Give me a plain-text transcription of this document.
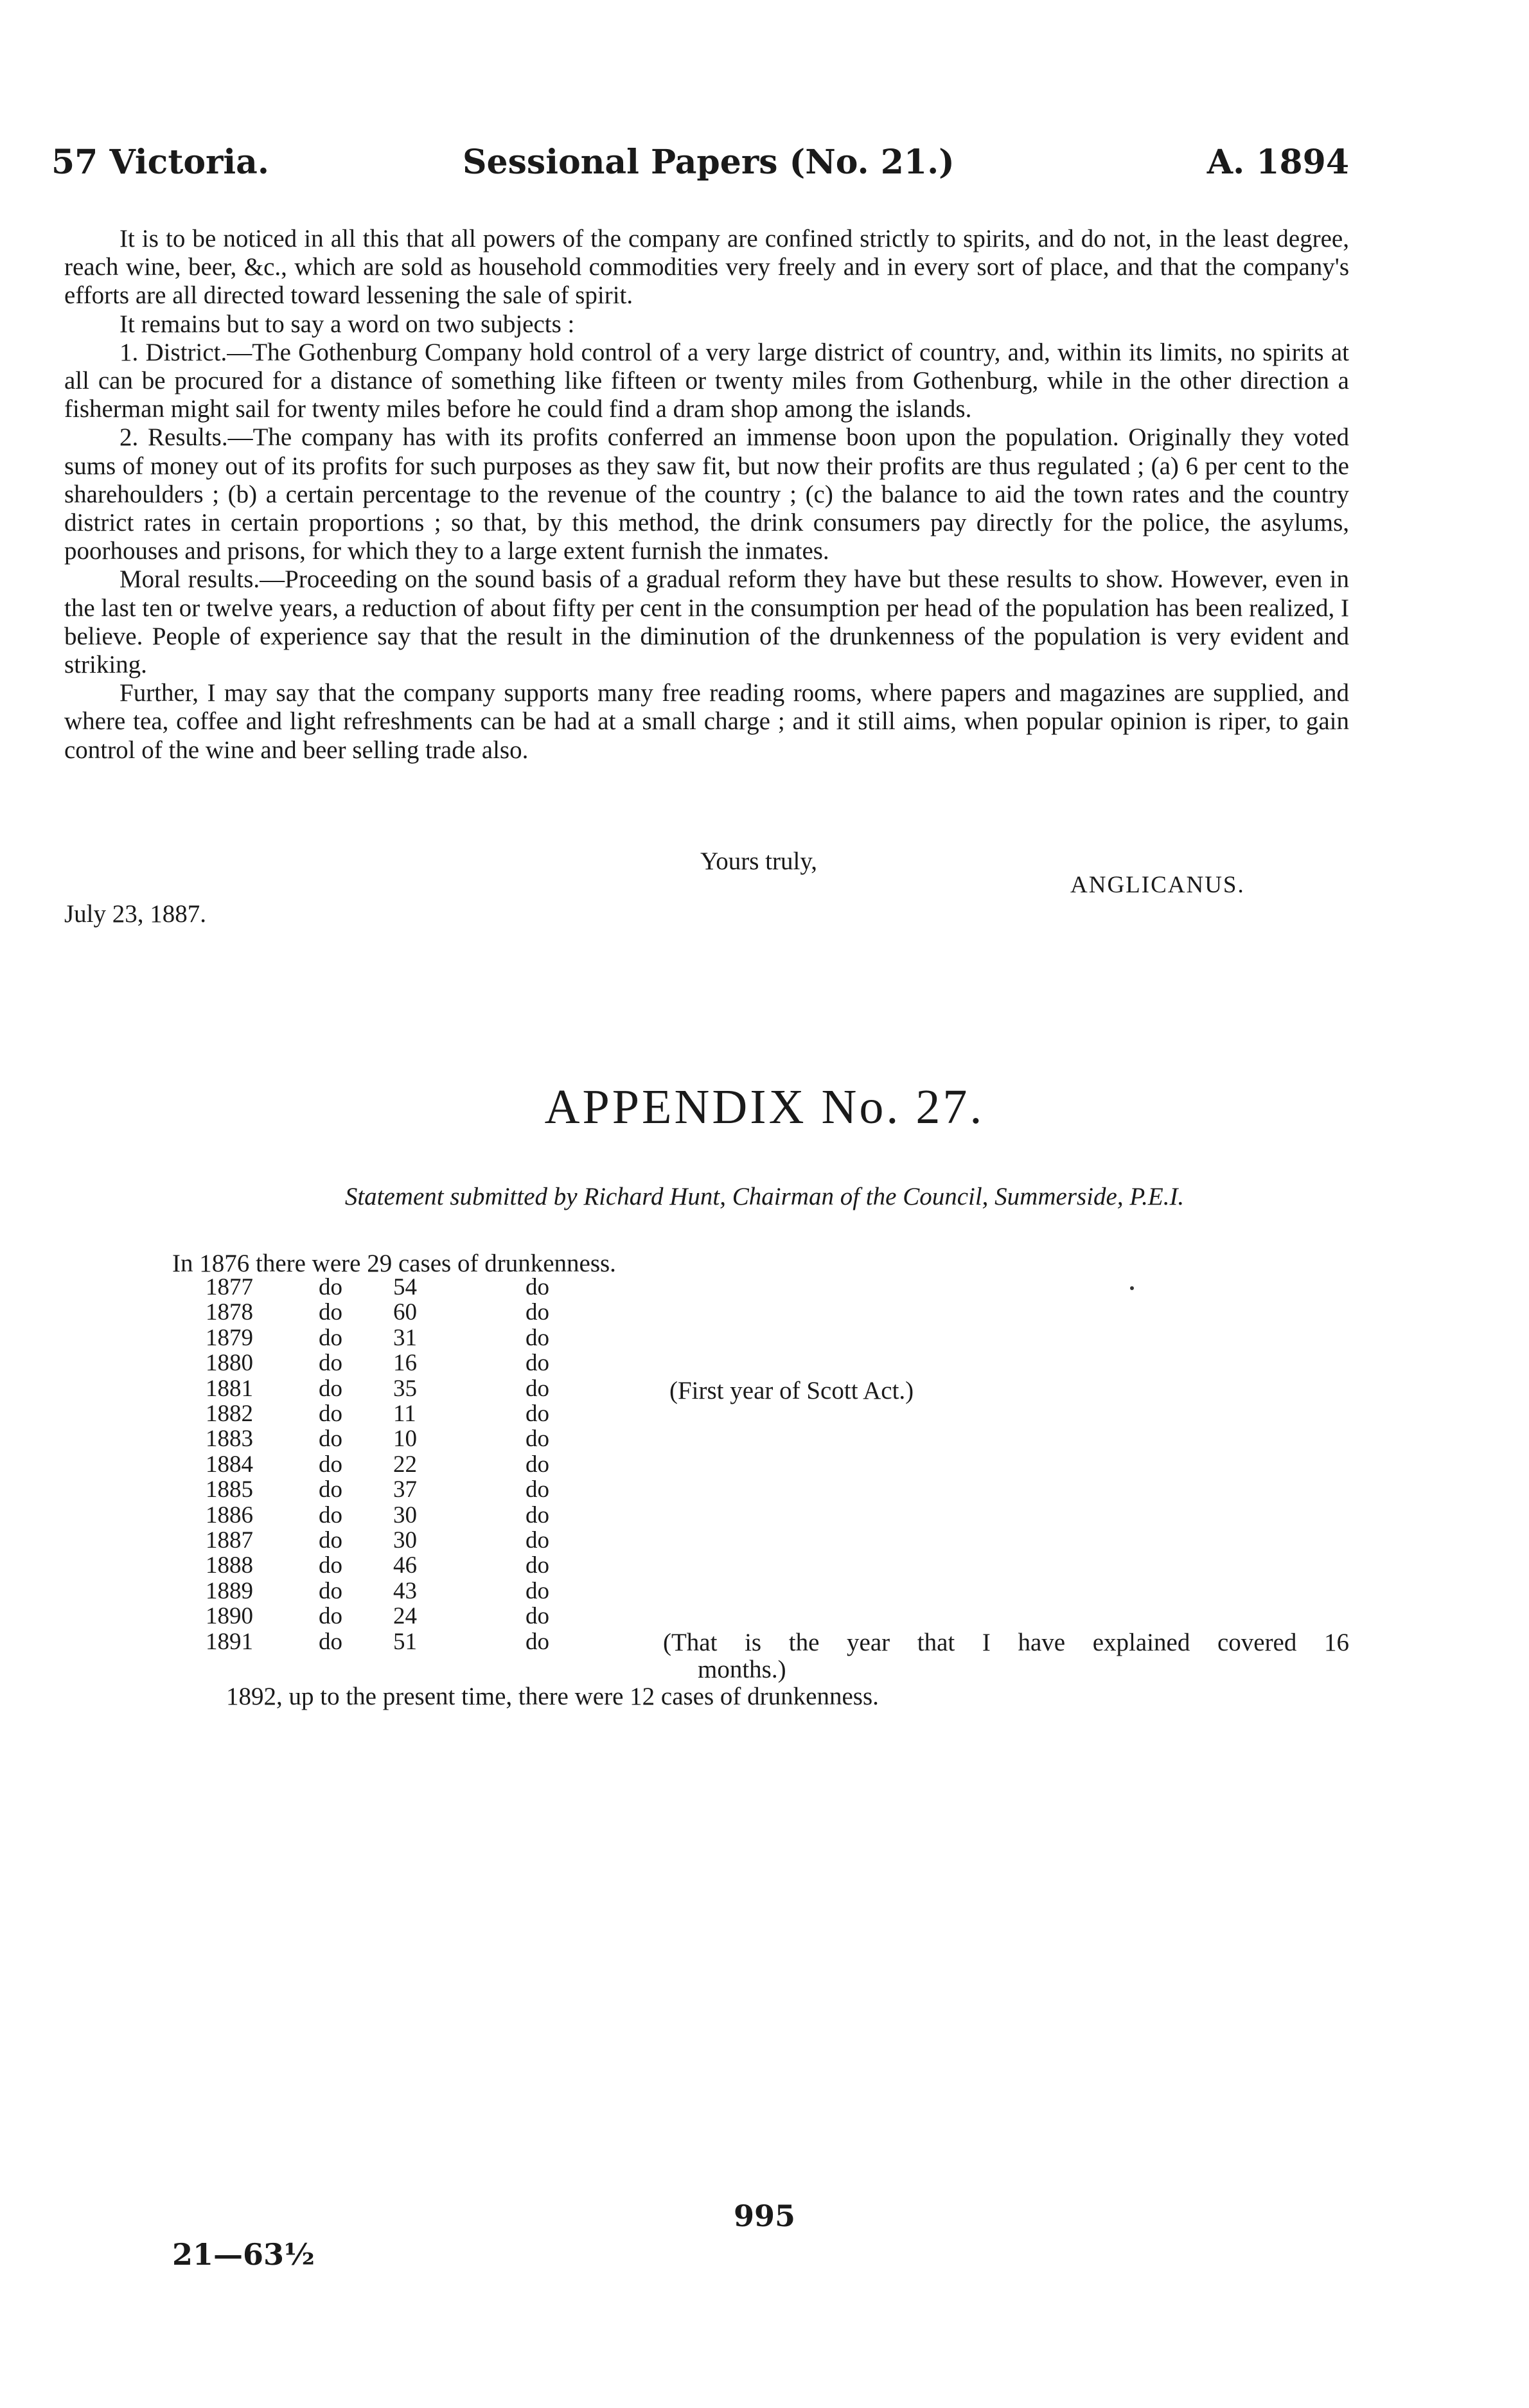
57 Victoria.	Sessional Papers (No. 21.)	A. 1894

It is to be noticed in all this that all powers of the company are confined strictly to spirits, and do not, in the least degree, reach wine, beer, &c., which are sold as household commodities very freely and in every sort of place, and that the company's efforts are all directed toward lessening the sale of spirit.

It remains but to say a word on two subjects :

1. District.—The Gothenburg Company hold control of a very large district of country, and, within its limits, no spirits at all can be procured for a distance of something like fifteen or twenty miles from Gothenburg, while in the other direction a fisherman might sail for twenty miles before he could find a dram shop among the islands.

2. Results.—The company has with its profits conferred an immense boon upon the population. Originally they voted sums of money out of its profits for such purposes as they saw fit, but now their profits are thus regulated ; (a) 6 per cent to the sharehoulders ; (b) a certain percentage to the revenue of the country ; (c) the balance to aid the town rates and the country district rates in certain proportions ; so that, by this method, the drink consumers pay directly for the police, the asylums, poorhouses and prisons, for which they to a large extent furnish the inmates.

Moral results.—Proceeding on the sound basis of a gradual reform they have but these results to show. However, even in the last ten or twelve years, a reduction of about fifty per cent in the consumption per head of the population has been realized, I believe. People of experience say that the result in the diminution of the drunkenness of the population is very evident and striking.

Further, I may say that the company supports many free reading rooms, where papers and magazines are supplied, and where tea, coffee and light refreshments can be had at a small charge ; and it still aims, when popular opinion is riper, to gain control of the wine and beer selling trade also.

Yours truly,
ANGLICANUS.
July 23, 1887.
APPENDIX No. 27.
Statement submitted by Richard Hunt, Chairman of the Council, Summerside, P.E.I.
In 1876 there were 29 cases of drunkenness.
1877	do 54	do
1878	do 60	do
1879	do 31	do
1880	do 16	do
1881	do 35	do
1882	do 11	do
1883	do 10	do
1884	do 22	do
1885	do 37	do
1886	do 30	do
1887	do 30	do
1888	do 46	do
1889	do 43	do
1890	do 24	do
1891	do 51	do
(First year of Scott Act.)
(That is the year that I have explained covered 16
months.)
1892, up to the present time, there were 12 cases of drunkenness.
995
21—63½
